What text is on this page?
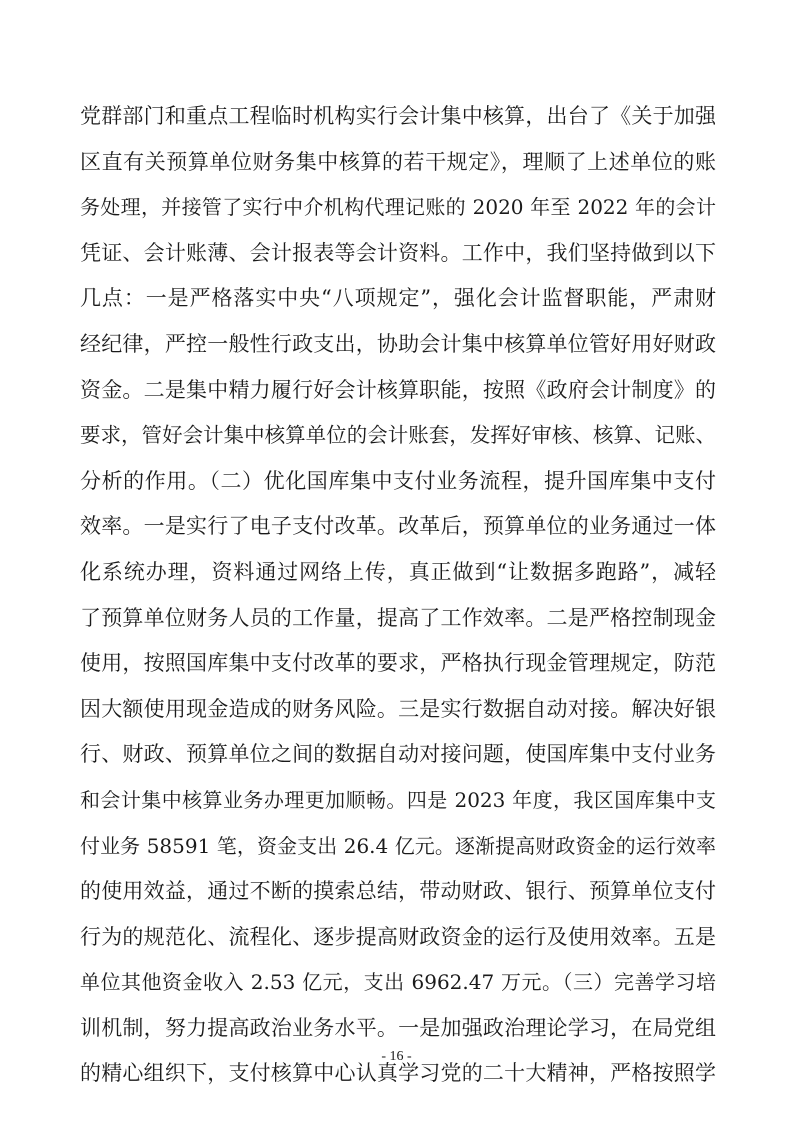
党群部门和重点工程临时机构实行会计集中核算，出台了《关于加强
区直有关预算单位财务集中核算的若干规定》，理顺了上述单位的账
务处理，并接管了实行中介机构代理记账的 2020 年至 2022 年的会计
凭证、会计账薄、会计报表等会计资料。工作中，我们坚持做到以下
几点：一是严格落实中央“八项规定”，强化会计监督职能，严肃财
经纪律，严控一般性行政支出，协助会计集中核算单位管好用好财政
资金。二是集中精力履行好会计核算职能，按照《政府会计制度》的
要求，管好会计集中核算单位的会计账套，发挥好审核、核算、记账、
分析的作用。（二）优化国库集中支付业务流程，提升国库集中支付
效率。一是实行了电子支付改革。改革后，预算单位的业务通过一体
化系统办理，资料通过网络上传，真正做到“让数据多跑路”，减轻
了预算单位财务人员的工作量，提高了工作效率。二是严格控制现金
使用，按照国库集中支付改革的要求，严格执行现金管理规定，防范
因大额使用现金造成的财务风险。三是实行数据自动对接。解决好银
行、财政、预算单位之间的数据自动对接问题，使国库集中支付业务
和会计集中核算业务办理更加顺畅。四是 2023 年度，我区国库集中支
付业务 58591 笔，资金支出 26.4 亿元。逐渐提高财政资金的运行效率
的使用效益，通过不断的摸索总结，带动财政、银行、预算单位支付
行为的规范化、流程化、逐步提高财政资金的运行及使用效率。五是
单位其他资金收入 2.53 亿元，支出 6962.47 万元。（三）完善学习培
训机制，努力提高政治业务水平。一是加强政治理论学习，在局党组
的精心组织下，支付核算中心认真学习党的二十大精神，严格按照学
- 16 -
